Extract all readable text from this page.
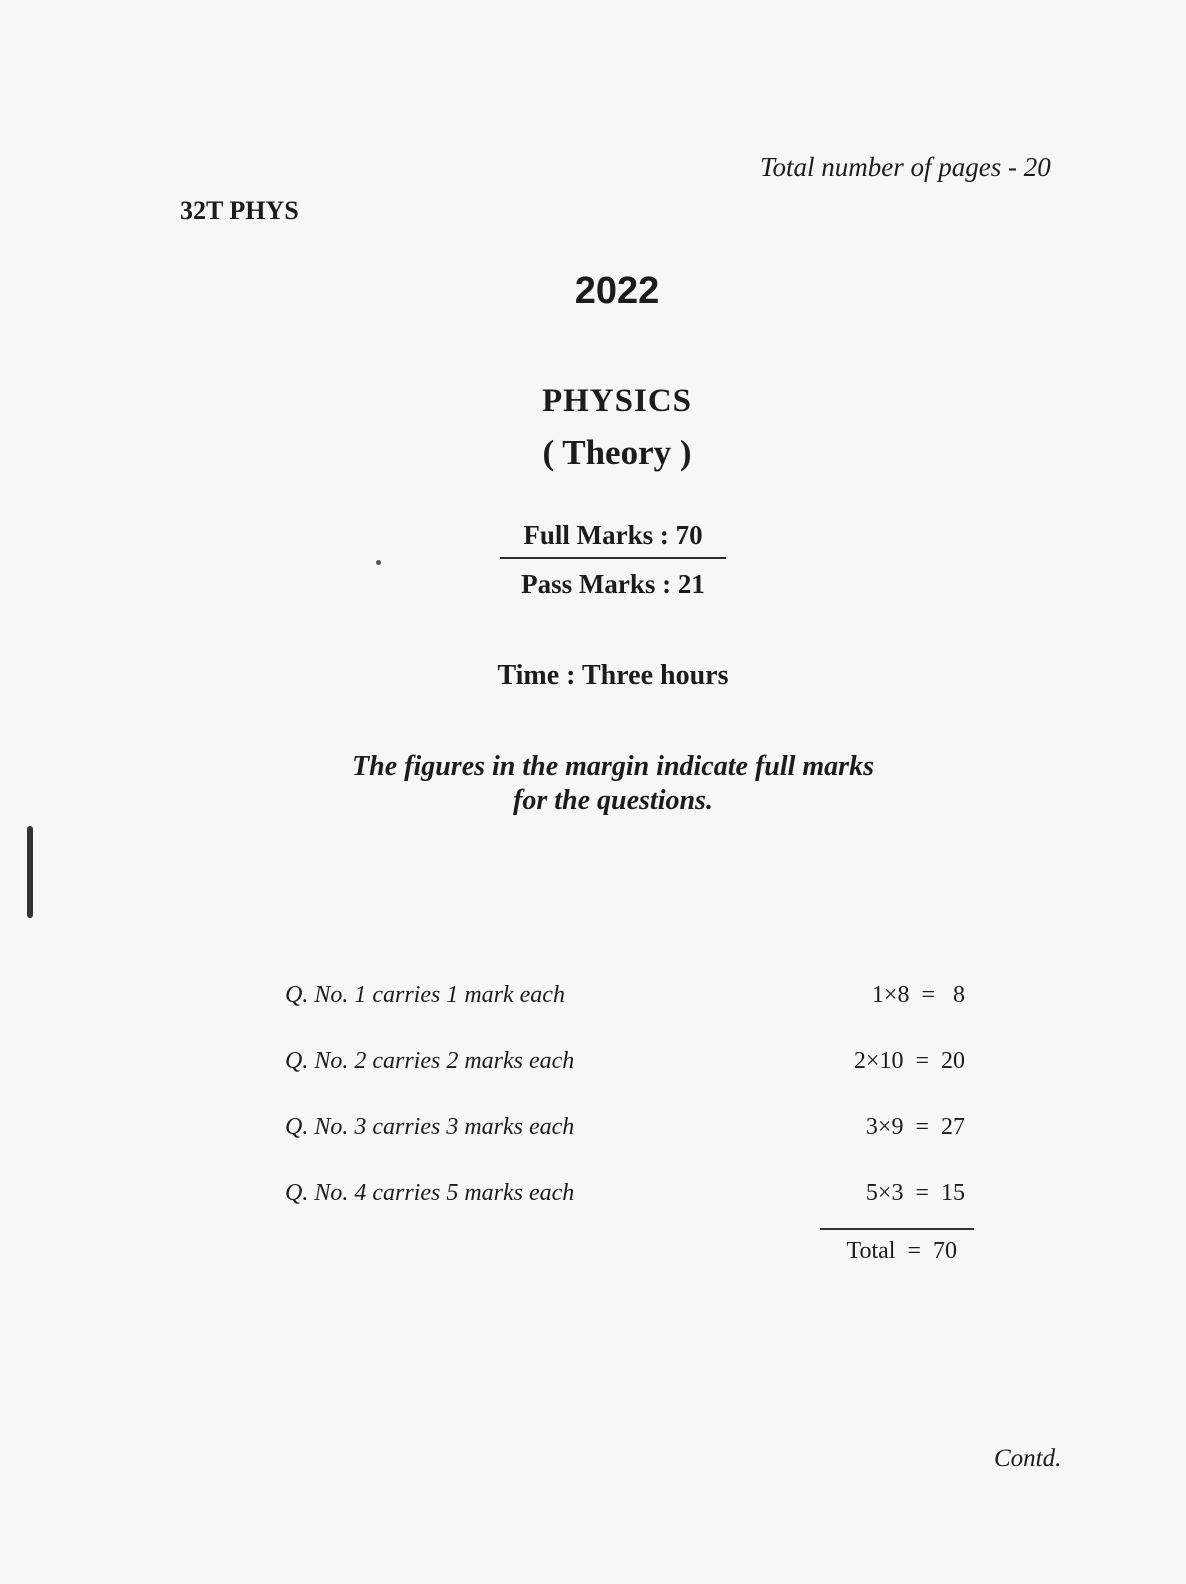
Total number of pages - 20
32T PHYS
2022
PHYSICS
( Theory )
Full Marks : 70
Pass Marks : 21
Time : Three hours
The figures in the margin indicate full marks
for the questions.
Q. No. 1 carries 1 mark each	1×8  =   8
Q. No. 2 carries 2 marks each	2×10  =  20
Q. No. 3 carries 3 marks each	3×9  =  27
Q. No. 4 carries 5 marks each	5×3  =  15
Total  =  70
Contd.
